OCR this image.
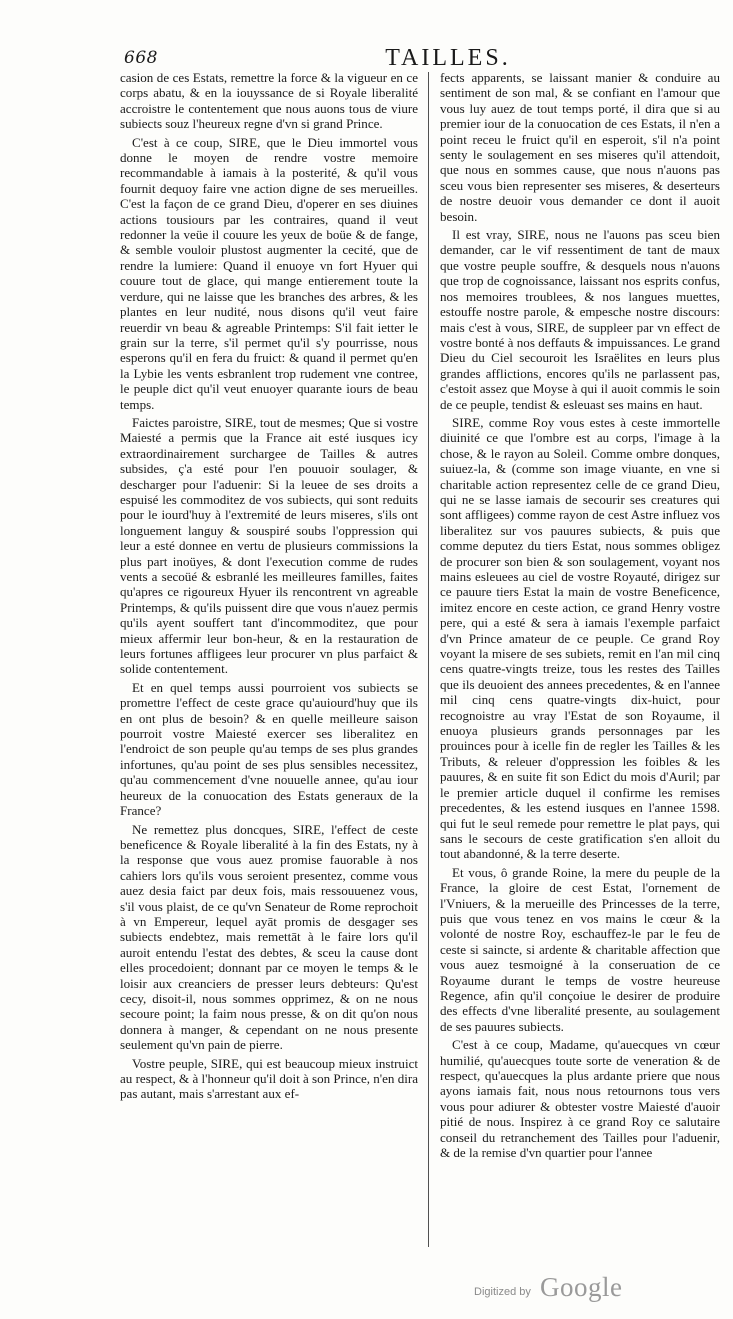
668	TAILLES.

casion de ces Estats, remettre la force & la vigueur en ce corps abatu, & en la iouyssance de si Royale liberalité accroistre le contentement que nous auons tous de viure subiects souz l'heureux regne d'vn si grand Prince.

C'est à ce coup, SIRE, que le Dieu immortel vous donne le moyen de rendre vostre memoire recommandable à iamais à la posterité, & qu'il vous fournit dequoy faire vne action digne de ses merueilles. C'est la façon de ce grand Dieu, d'operer en ses diuines actions tousiours par les contraires, quand il veut redonner la veüe il couure les yeux de boüe & de fange, & semble vouloir plustost augmenter la cecité, que de rendre la lumiere: Quand il enuoye vn fort Hyuer qui couure tout de glace, qui mange entierement toute la verdure, qui ne laisse que les branches des arbres, & les plantes en leur nudité, nous disons qu'il veut faire reuerdir vn beau & agreable Printemps: S'il fait ietter le grain sur la terre, s'il permet qu'il s'y pourrisse, nous esperons qu'il en fera du fruict: & quand il permet qu'en la Lybie les vents esbranlent trop rudement vne contree, le peuple dict qu'il veut enuoyer quarante iours de beau temps.

Faictes paroistre, SIRE, tout de mesmes; Que si vostre Maiesté a permis que la France ait esté iusques icy extraordinairement surchargee de Tailles & autres subsides, ç'a esté pour l'en pouuoir soulager, & descharger pour l'aduenir: Si la leuee de ses droits a espuisé les commoditez de vos subiects, qui sont reduits pour le iourd'huy à l'extremité de leurs miseres, s'ils ont longuement languy & souspiré soubs l'oppression qui leur a esté donnee en vertu de plusieurs commissions la plus part inoüyes, & dont l'execution comme de rudes vents a secoüé & esbranlé les meilleures familles, faites qu'apres ce rigoureux Hyuer ils rencontrent vn agreable Printemps, & qu'ils puissent dire que vous n'auez permis qu'ils ayent souffert tant d'incommoditez, que pour mieux affermir leur bon-heur, & en la restauration de leurs fortunes affligees leur procurer vn plus parfaict & solide contentement.

Et en quel temps aussi pourroient vos subiects se promettre l'effect de ceste grace qu'auiourd'huy que ils en ont plus de besoin? & en quelle meilleure saison pourroit vostre Maiesté exercer ses liberalitez en l'endroict de son peuple qu'au temps de ses plus grandes infortunes, qu'au point de ses plus sensibles necessitez, qu'au commencement d'vne nouuelle annee, qu'au iour heureux de la conuocation des Estats generaux de la France?

Ne remettez plus doncques, SIRE, l'effect de ceste beneficence & Royale liberalité à la fin des Estats, ny à la response que vous auez promise fauorable à nos cahiers lors qu'ils vous seroient presentez, comme vous auez desia faict par deux fois, mais ressouuenez vous, s'il vous plaist, de ce qu'vn Senateur de Rome reprochoit à vn Empereur, lequel ayāt promis de desgager ses subiects endebtez, mais remettāt à le faire lors qu'il auroit entendu l'estat des debtes, & sceu la cause dont elles procedoient; donnant par ce moyen le temps & le loisir aux creanciers de presser leurs debteurs: Qu'est cecy, disoit-il, nous sommes opprimez, & on ne nous secoure point; la faim nous presse, & on dit qu'on nous donnera à manger, & cependant on ne nous presente seulement qu'vn pain de pierre.

Vostre peuple, SIRE, qui est beaucoup mieux instruict au respect, & à l'honneur qu'il doit à son Prince, n'en dira pas autant, mais s'arrestant aux ef-

fects apparents, se laissant manier & conduire au sentiment de son mal, & se confiant en l'amour que vous luy auez de tout temps porté, il dira que si au premier iour de la conuocation de ces Estats, il n'en a point receu le fruict qu'il en esperoit, s'il n'a point senty le soulagement en ses miseres qu'il attendoit, que nous en sommes cause, que nous n'auons pas sceu vous bien representer ses miseres, & deserteurs de nostre deuoir vous demander ce dont il auoit besoin.

Il est vray, SIRE, nous ne l'auons pas sceu bien demander, car le vif ressentiment de tant de maux que vostre peuple souffre, & desquels nous n'auons que trop de cognoissance, laissant nos esprits confus, nos memoires troublees, & nos langues muettes, estouffe nostre parole, & empesche nostre discours: mais c'est à vous, SIRE, de suppleer par vn effect de vostre bonté à nos deffauts & impuissances. Le grand Dieu du Ciel secouroit les Israëlites en leurs plus grandes afflictions, encores qu'ils ne parlassent pas, c'estoit assez que Moyse à qui il auoit commis le soin de ce peuple, tendist & esleuast ses mains en haut.

SIRE, comme Roy vous estes à ceste immortelle diuinité ce que l'ombre est au corps, l'image à la chose, & le rayon au Soleil. Comme ombre donques, suiuez-la, & (comme son image viuante, en vne si charitable action representez celle de ce grand Dieu, qui ne se lasse iamais de secourir ses creatures qui sont affligees) comme rayon de cest Astre influez vos liberalitez sur vos pauures subiects, & puis que comme deputez du tiers Estat, nous sommes obligez de procurer son bien & son soulagement, voyant nos mains esleuees au ciel de vostre Royauté, dirigez sur ce pauure tiers Estat la main de vostre Beneficence, imitez encore en ceste action, ce grand Henry vostre pere, qui a esté & sera à iamais l'exemple parfaict d'vn Prince amateur de ce peuple. Ce grand Roy voyant la misere de ses subiets, remit en l'an mil cinq cens quatre-vingts treize, tous les restes des Tailles que ils deuoient des annees precedentes, & en l'annee mil cinq cens quatre-vingts dix-huict, pour recognoistre au vray l'Estat de son Royaume, il enuoya plusieurs grands personnages par les prouinces pour à icelle fin de regler les Tailles & les Tributs, & releuer d'oppression les foibles & les pauures, & en suite fit son Edict du mois d'Auril; par le premier article duquel il confirme les remises precedentes, & les estend iusques en l'annee 1598. qui fut le seul remede pour remettre le plat pays, qui sans le secours de ceste gratification s'en alloit du tout abandonné, & la terre deserte.

Et vous, ô grande Roine, la mere du peuple de la France, la gloire de cest Estat, l'ornement de l'Vniuers, & la merueille des Princesses de la terre, puis que vous tenez en vos mains le cœur & la volonté de nostre Roy, eschauffez-le par le feu de ceste si saincte, si ardente & charitable affection que vous auez tesmoigné à la conseruation de ce Royaume durant le temps de vostre heureuse Regence, afin qu'il conçoiue le desirer de produire des effects d'vne liberalité presente, au soulagement de ses pauures subiects.

C'est à ce coup, Madame, qu'auecques vn cœur humilié, qu'auecques toute sorte de veneration & de respect, qu'auecques la plus ardante priere que nous ayons iamais fait, nous nous retournons tous vers vous pour adiurer & obtester vostre Maiesté d'auoir pitié de nous. Inspirez à ce grand Roy ce salutaire conseil du retranchement des Tailles pour l'aduenir, & de la remise d'vn quartier pour l'annee

Digitized by Google
